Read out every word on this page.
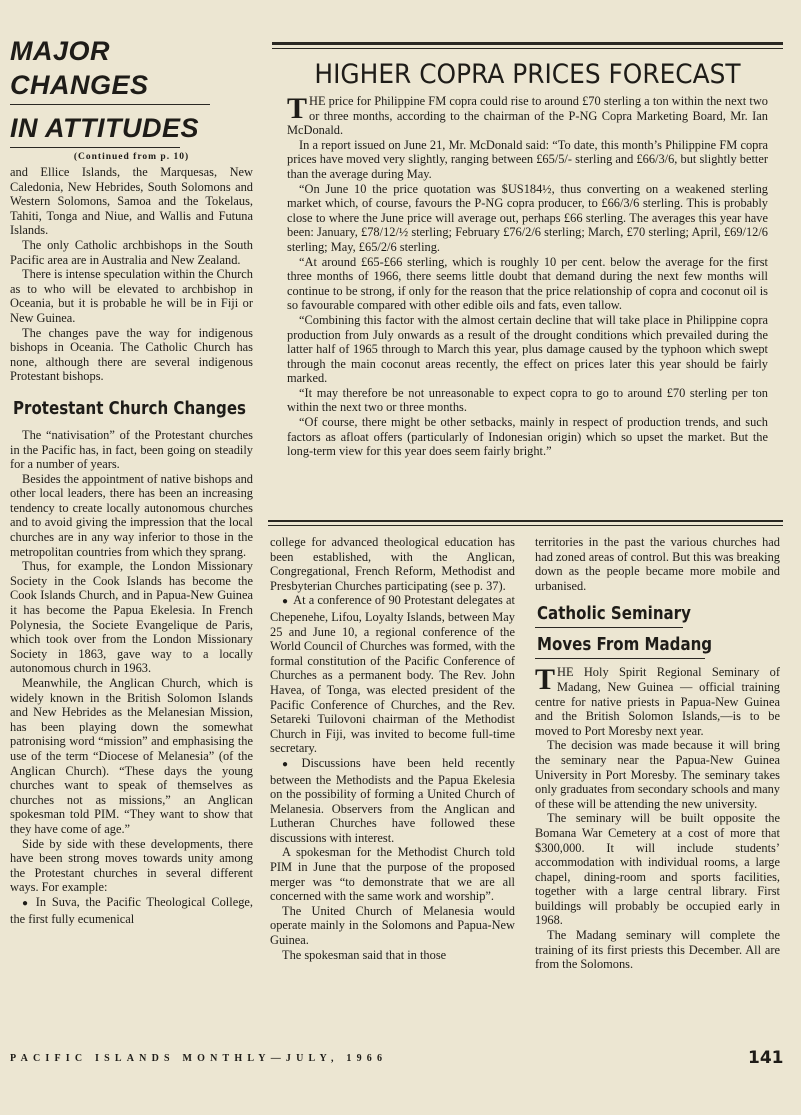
MAJOR CHANGES
IN ATTITUDES
(Continued from p. 10)

and Ellice Islands, the Marquesas, New Caledonia, New Hebrides, South Solomons and Western Solomons, Samoa and the Tokelaus, Tahiti, Tonga and Niue, and Wallis and Futuna Islands.

The only Catholic archbishops in the South Pacific area are in Australia and New Zealand.

There is intense speculation within the Church as to who will be elevated to archbishop in Oceania, but it is probable he will be in Fiji or New Guinea.

The changes pave the way for indigenous bishops in Oceania. The Catholic Church has none, although there are several indigenous Protestant bishops.

Protestant Church Changes

The “nativisation” of the Protestant churches in the Pacific has, in fact, been going on steadily for a number of years.

Besides the appointment of native bishops and other local leaders, there has been an increasing tendency to create locally autonomous churches and to avoid giving the impression that the local churches are in any way inferior to those in the metropolitan countries from which they sprang.

Thus, for example, the London Missionary Society in the Cook Islands has become the Cook Islands Church, and in Papua-New Guinea it has become the Papua Ekelesia. In French Polynesia, the Societe Evangelique de Paris, which took over from the London Missionary Society in 1863, gave way to a locally autonomous church in 1963.

Meanwhile, the Anglican Church, which is widely known in the British Solomon Islands and New Hebrides as the Melanesian Mission, has been playing down the somewhat patronising word “mission” and emphasising the use of the term “Diocese of Melanesia” (of the Anglican Church). “These days the young churches want to speak of themselves as churches not as missions,” an Anglican spokesman told PIM. “They want to show that they have come of age.”

Side by side with these developments, there have been strong moves towards unity among the Protestant churches in several different ways. For example:

● In Suva, the Pacific Theological College, the first fully ecumenical

HIGHER COPRA PRICES FORECAST

THE price for Philippine FM copra could rise to around £70 sterling a ton within the next two or three months, according to the chairman of the P-NG Copra Marketing Board, Mr. Ian McDonald.

In a report issued on June 21, Mr. McDonald said: “To date, this month’s Philippine FM copra prices have moved very slightly, ranging between £65/5/- sterling and £66/3/6, but slightly better than the average during May.

“On June 10 the price quotation was $US184½, thus converting on a weakened sterling market which, of course, favours the P-NG copra producer, to £66/3/6 sterling. This is probably close to where the June price will average out, perhaps £66 sterling. The averages this year have been: January, £78/12/½ sterling; February £76/2/6 sterling; March, £70 sterling; April, £69/12/6 sterling; May, £65/2/6 sterling.

“At around £65-£66 sterling, which is roughly 10 per cent. below the average for the first three months of 1966, there seems little doubt that demand during the next few months will continue to be strong, if only for the reason that the price relationship of copra and coconut oil is so favourable compared with other edible oils and fats, even tallow.

“Combining this factor with the almost certain decline that will take place in Philippine copra production from July onwards as a result of the drought conditions which prevailed during the latter half of 1965 through to March this year, plus damage caused by the typhoon which swept through the main coconut areas recently, the effect on prices later this year should be fairly marked.

“It may therefore be not unreasonable to expect copra to go to around £70 sterling per ton within the next two or three months.

“Of course, there might be other setbacks, mainly in respect of production trends, and such factors as afloat offers (particularly of Indonesian origin) which so upset the market. But the long-term view for this year does seem fairly bright.”

college for advanced theological education has been established, with the Anglican, Congregational, French Reform, Methodist and Presbyterian Churches participating (see p. 37).

● At a conference of 90 Protestant delegates at Chepenehe, Lifou, Loyalty Islands, between May 25 and June 10, a regional conference of the World Council of Churches was formed, with the formal constitution of the Pacific Conference of Churches as a permanent body. The Rev. John Havea, of Tonga, was elected president of the Pacific Conference of Churches, and the Rev. Setareki Tuilovoni chairman of the Methodist Church in Fiji, was invited to become full-time secretary.

● Discussions have been held recently between the Methodists and the Papua Ekelesia on the possibility of forming a United Church of Melanesia. Observers from the Anglican and Lutheran Churches have followed these discussions with interest.

A spokesman for the Methodist Church told PIM in June that the purpose of the proposed merger was “to demonstrate that we are all concerned with the same work and worship”.

The United Church of Melanesia would operate mainly in the Solomons and Papua-New Guinea.

The spokesman said that in those

territories in the past the various churches had had zoned areas of control. But this was breaking down as the people became more mobile and urbanised.

Catholic Seminary
Moves From Madang

THE Holy Spirit Regional Seminary of Madang, New Guinea — official training centre for native priests in Papua-New Guinea and the British Solomon Islands,—is to be moved to Port Moresby next year.

The decision was made because it will bring the seminary near the Papua-New Guinea University in Port Moresby. The seminary takes only graduates from secondary schools and many of these will be attending the new university.

The seminary will be built opposite the Bomana War Cemetery at a cost of more that $300,000. It will include students’ accommodation with individual rooms, a large chapel, dining-room and sports facilities, together with a large central library. First buildings will probably be occupied early in 1968.

The Madang seminary will complete the training of its first priests this December. All are from the Solomons.

PACIFIC ISLANDS MONTHLY—JULY, 1966	141
